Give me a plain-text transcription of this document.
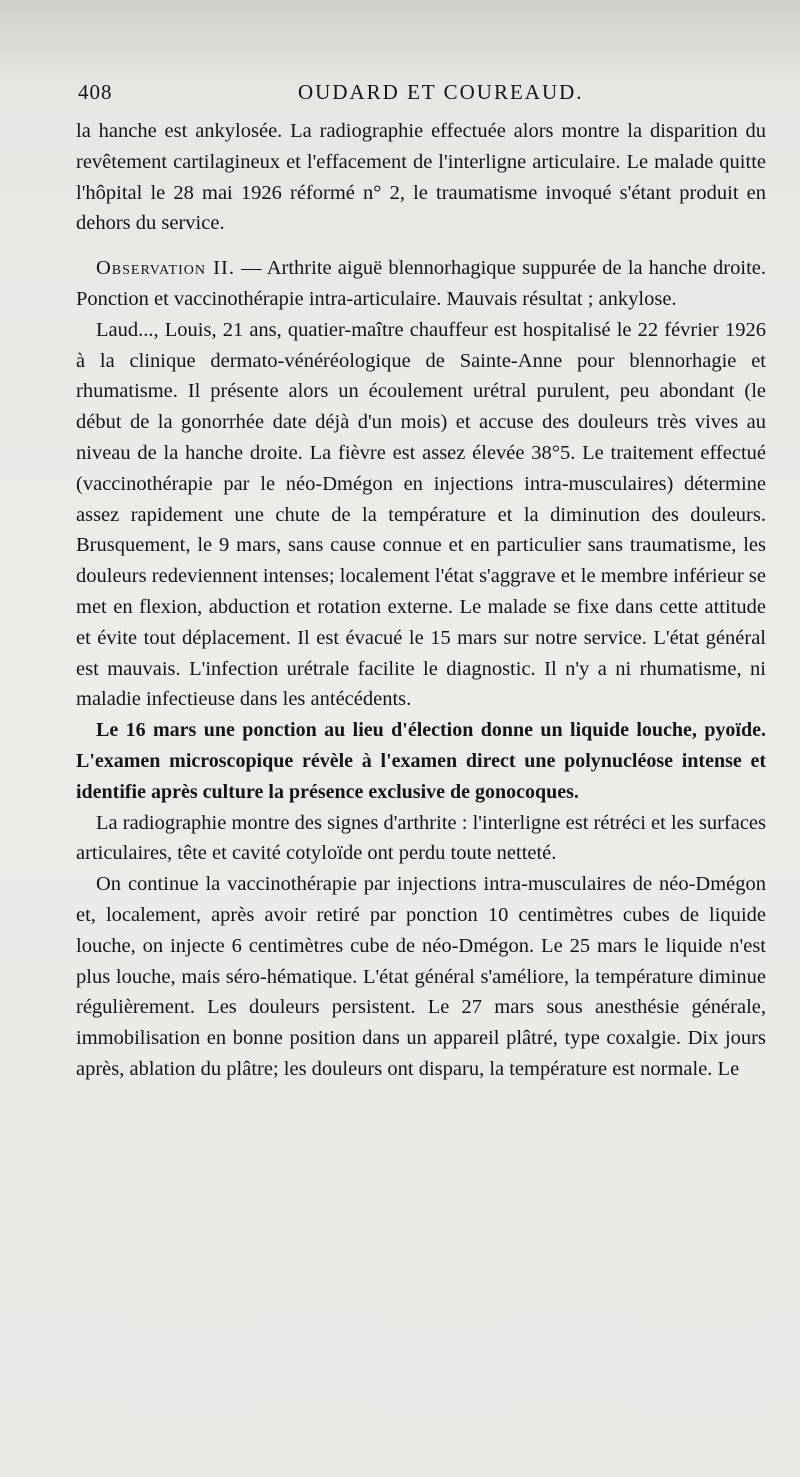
408	OUDARD ET COUREAUD.

la hanche est ankylosée. La radiographie effectuée alors montre la disparition du revêtement cartilagineux et l'effacement de l'interligne articulaire. Le malade quitte l'hôpital le 28 mai 1926 réformé n° 2, le traumatisme invoqué s'étant produit en dehors du service.

Observation II. — Arthrite aiguë blennorhagique suppurée de la hanche droite. Ponction et vaccinothérapie intra-articulaire. Mauvais résultat ; ankylose.

Laud..., Louis, 21 ans, quatier-maître chauffeur est hospitalisé le 22 février 1926 à la clinique dermato-vénéréologique de Sainte-Anne pour blennorhagie et rhumatisme. Il présente alors un écoulement urétral purulent, peu abondant (le début de la gonorrhée date déjà d'un mois) et accuse des douleurs très vives au niveau de la hanche droite. La fièvre est assez élevée 38°5. Le traitement effectué (vaccinothérapie par le néo-Dmégon en injections intra-musculaires) détermine assez rapidement une chute de la température et la diminution des douleurs. Brusquement, le 9 mars, sans cause connue et en particulier sans traumatisme, les douleurs redeviennent intenses; localement l'état s'aggrave et le membre inférieur se met en flexion, abduction et rotation externe. Le malade se fixe dans cette attitude et évite tout déplacement. Il est évacué le 15 mars sur notre service. L'état général est mauvais. L'infection urétrale facilite le diagnostic. Il n'y a ni rhumatisme, ni maladie infectieuse dans les antécédents.

Le 16 mars une ponction au lieu d'élection donne un liquide louche, pyoïde. L'examen microscopique révèle à l'examen direct une polynucléose intense et identifie après culture la présence exclusive de gonocoques.

La radiographie montre des signes d'arthrite : l'interligne est rétréci et les surfaces articulaires, tête et cavité cotyloïde ont perdu toute netteté.

On continue la vaccinothérapie par injections intra-musculaires de néo-Dmégon et, localement, après avoir retiré par ponction 10 centimètres cubes de liquide louche, on injecte 6 centimètres cube de néo-Dmégon. Le 25 mars le liquide n'est plus louche, mais séro-hématique. L'état général s'améliore, la température diminue régulièrement. Les douleurs persistent. Le 27 mars sous anesthésie générale, immobilisation en bonne position dans un appareil plâtré, type coxalgie. Dix jours après, ablation du plâtre; les douleurs ont disparu, la température est normale. Le
